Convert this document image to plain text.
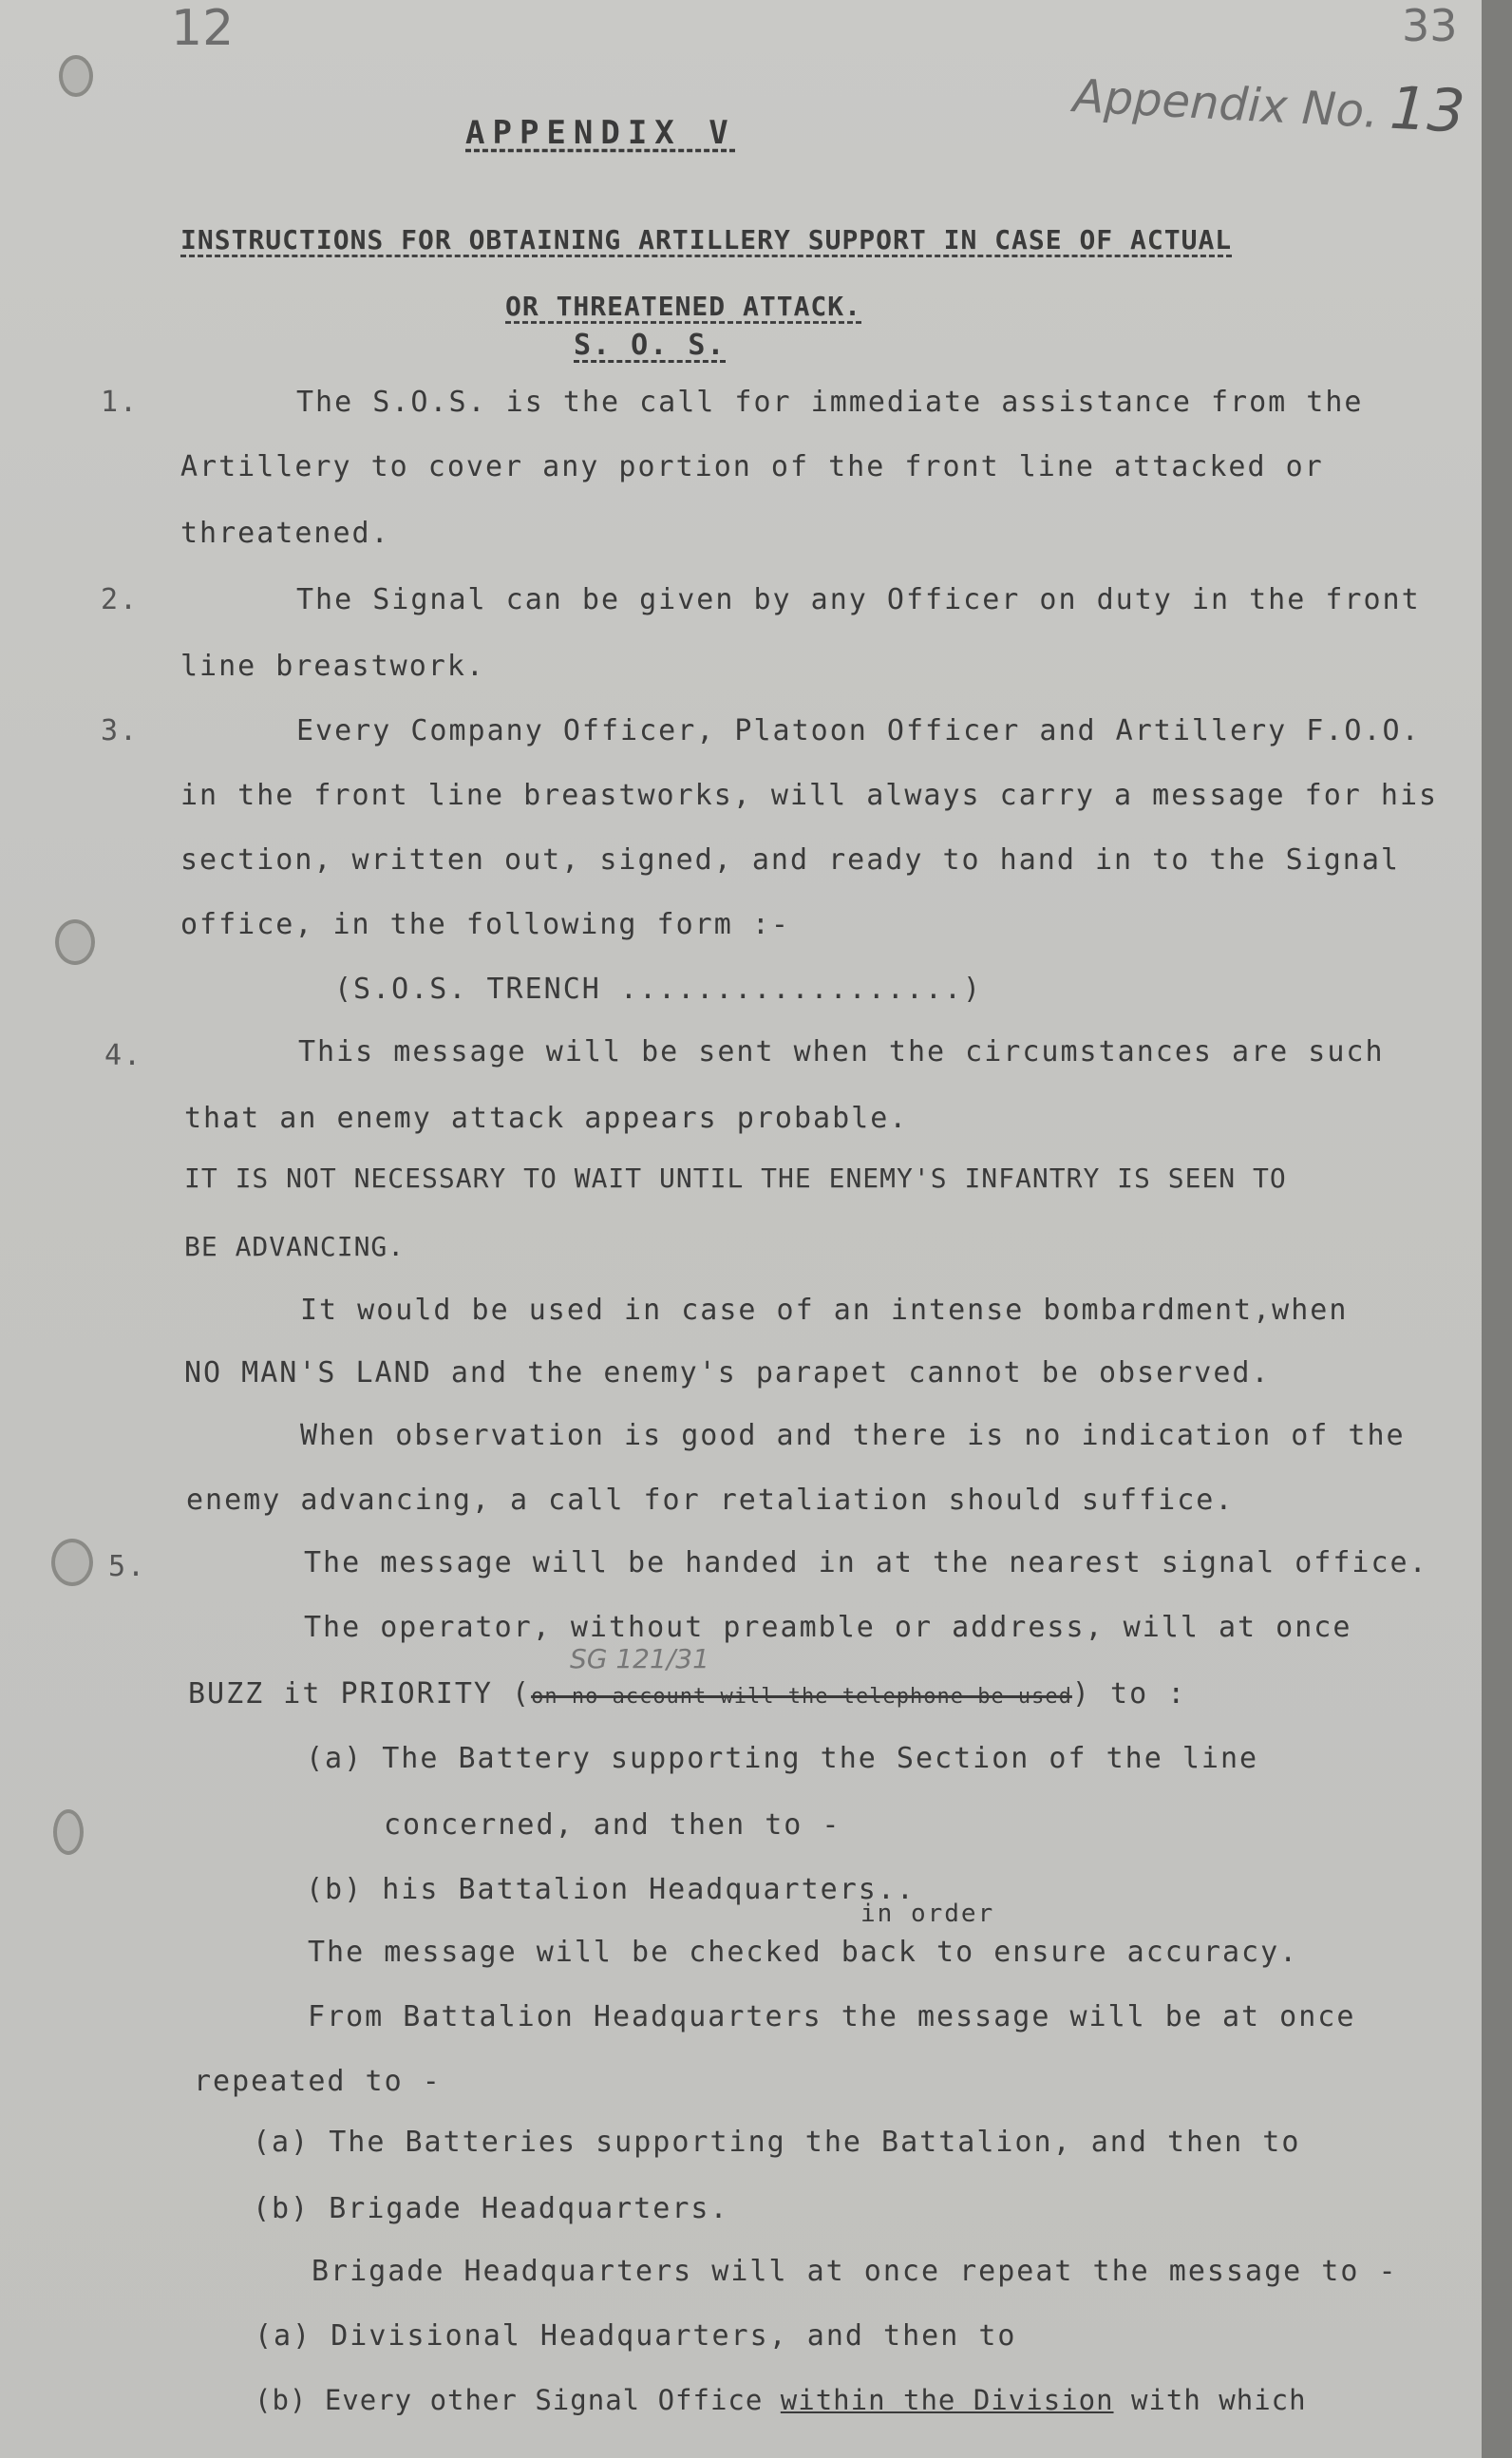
12	33
Appendix No. 13
APPENDIX V
INSTRUCTIONS FOR OBTAINING ARTILLERY SUPPORT IN CASE OF ACTUAL
OR THREATENED ATTACK.
S. O. S.
1.	The S.O.S. is the call for immediate assistance from the
Artillery to cover any portion of the front line attacked or
threatened.
2.	The Signal can be given by any Officer on duty in the front
line breastwork.
3.	Every Company Officer, Platoon Officer and Artillery F.O.O.
in the front line breastworks, will always carry a message for his
section, written out, signed, and ready to hand in to the Signal
office, in the following form :-
(S.O.S. TRENCH ..................)
4.	This message will be sent when the circumstances are such
that an enemy attack appears probable.
IT IS NOT NECESSARY TO WAIT UNTIL THE ENEMY'S INFANTRY IS SEEN TO
BE ADVANCING.
It would be used in case of an intense bombardment,when
NO MAN'S LAND and the enemy's parapet cannot be observed.
When observation is good and there is no indication of the
enemy advancing, a call for retaliation should suffice.
5.	The message will be handed in at the nearest signal office.
The operator, without preamble or address, will at once
SG 121/31
BUZZ it PRIORITY (on no account will the telephone be used) to :
(a) The Battery supporting the Section of the line
concerned, and then to -
(b) his Battalion Headquarters..
in order
The message will be checked back to ensure accuracy.
From Battalion Headquarters the message will be at once
repeated to -
(a) The Batteries supporting the Battalion, and then to
(b) Brigade Headquarters.
Brigade Headquarters will at once repeat the message to -
(a) Divisional Headquarters, and then to
(b) Every other Signal Office within the Division with which
